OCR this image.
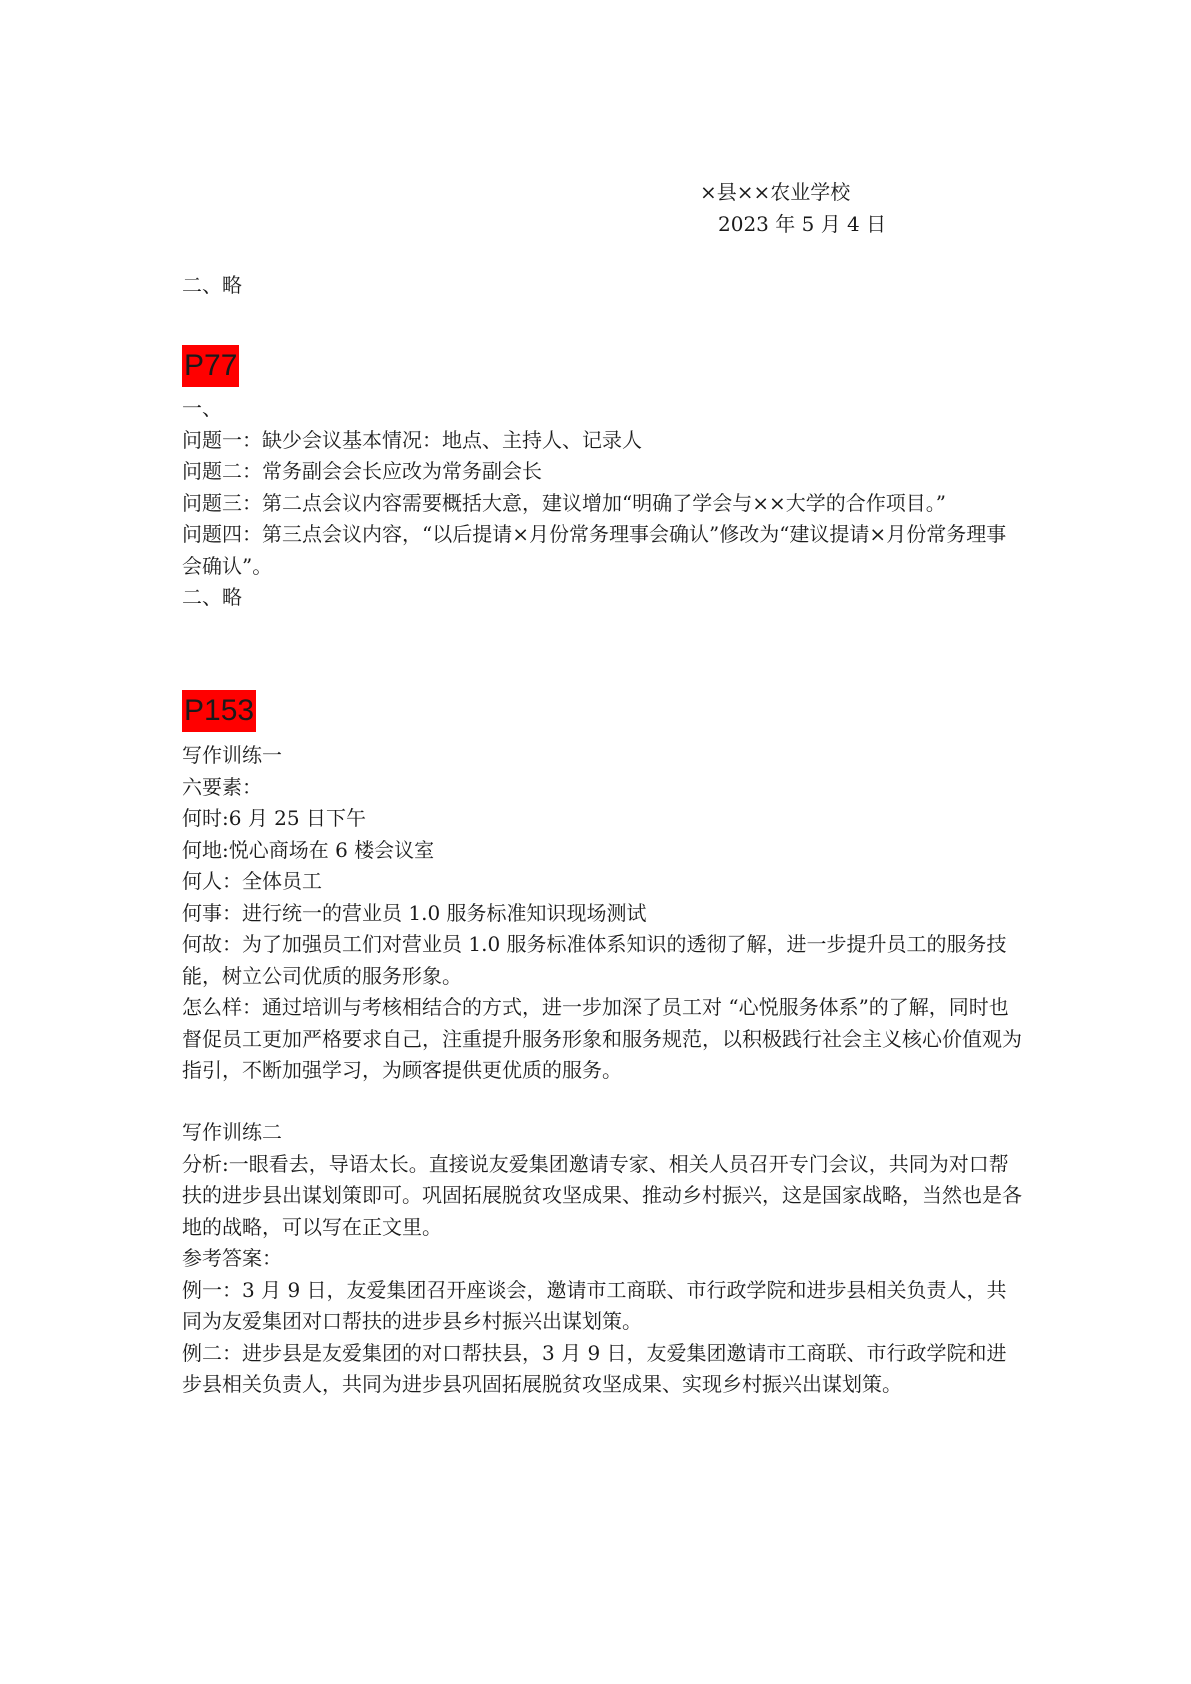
×县××农业学校
2023 年 5 月 4 日

二、略

P77

一、

问题一：缺少会议基本情况：地点、主持人、记录人

问题二：常务副会会长应改为常务副会长

问题三：第二点会议内容需要概括大意，建议增加“明确了学会与××大学的合作项目。”

问题四：第三点会议内容，“以后提请×月份常务理事会确认”修改为“建议提请×月份常务理事会确认”。

二、略

P153

写作训练一

六要素：

何时:6 月 25 日下午

何地:悦心商场在 6 楼会议室

何人：全体员工

何事：进行统一的营业员 1.0 服务标准知识现场测试

何故：为了加强员工们对营业员 1.0 服务标准体系知识的透彻了解，进一步提升员工的服务技能，树立公司优质的服务形象。

怎么样：通过培训与考核相结合的方式，进一步加深了员工对 “心悦服务体系”的了解，同时也督促员工更加严格要求自己，注重提升服务形象和服务规范，以积极践行社会主义核心价值观为指引，不断加强学习，为顾客提供更优质的服务。

写作训练二

分析:一眼看去，导语太长。直接说友爱集团邀请专家、相关人员召开专门会议，共同为对口帮扶的进步县出谋划策即可。巩固拓展脱贫攻坚成果、推动乡村振兴，这是国家战略，当然也是各地的战略，可以写在正文里。

参考答案：

例一：3 月 9 日，友爱集团召开座谈会，邀请市工商联、市行政学院和进步县相关负责人，共同为友爱集团对口帮扶的进步县乡村振兴出谋划策。

例二：进步县是友爱集团的对口帮扶县，3 月 9 日，友爱集团邀请市工商联、市行政学院和进步县相关负责人，共同为进步县巩固拓展脱贫攻坚成果、实现乡村振兴出谋划策。
